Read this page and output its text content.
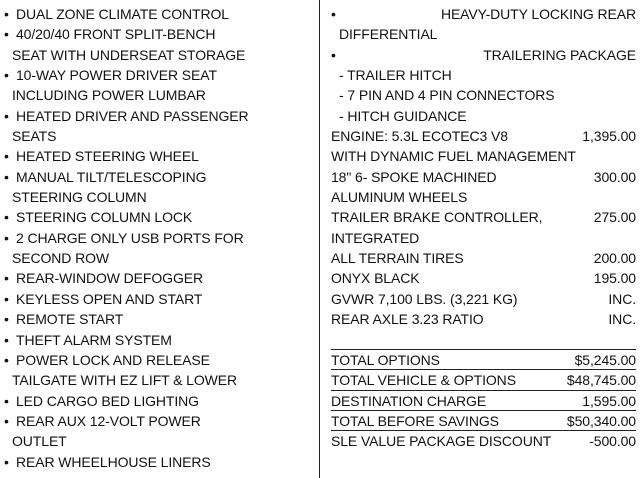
• DUAL ZONE CLIMATE CONTROL
• 40/20/40 FRONT SPLIT-BENCH
SEAT WITH UNDERSEAT STORAGE
• 10-WAY POWER DRIVER SEAT
INCLUDING POWER LUMBAR
• HEATED DRIVER AND PASSENGER
SEATS
• HEATED STEERING WHEEL
• MANUAL TILT/TELESCOPING
STEERING COLUMN
• STEERING COLUMN LOCK
• 2 CHARGE ONLY USB PORTS FOR
SECOND ROW
• REAR-WINDOW DEFOGGER
• KEYLESS OPEN AND START
• REMOTE START
• THEFT ALARM SYSTEM
• POWER LOCK AND RELEASE
TAILGATE WITH EZ LIFT & LOWER
• LED CARGO BED LIGHTING
• REAR AUX 12-VOLT POWER
OUTLET
• REAR WHEELHOUSE LINERS
•	HEAVY-DUTY LOCKING REAR
DIFFERENTIAL
•	TRAILERING PACKAGE
- TRAILER HITCH
- 7 PIN AND 4 PIN CONNECTORS
- HITCH GUIDANCE
ENGINE: 5.3L ECOTEC3 V8	1,395.00
WITH DYNAMIC FUEL MANAGEMENT
18" 6- SPOKE MACHINED	300.00
ALUMINUM WHEELS
TRAILER BRAKE CONTROLLER,	275.00
INTEGRATED
ALL TERRAIN TIRES	200.00
ONYX BLACK	195.00
GVWR 7,100 LBS. (3,221 KG)	INC.
REAR AXLE 3.23 RATIO	INC.
TOTAL OPTIONS	$5,245.00
TOTAL VEHICLE & OPTIONS	$48,745.00
DESTINATION CHARGE	1,595.00
TOTAL BEFORE SAVINGS	$50,340.00
SLE VALUE PACKAGE DISCOUNT	-500.00
